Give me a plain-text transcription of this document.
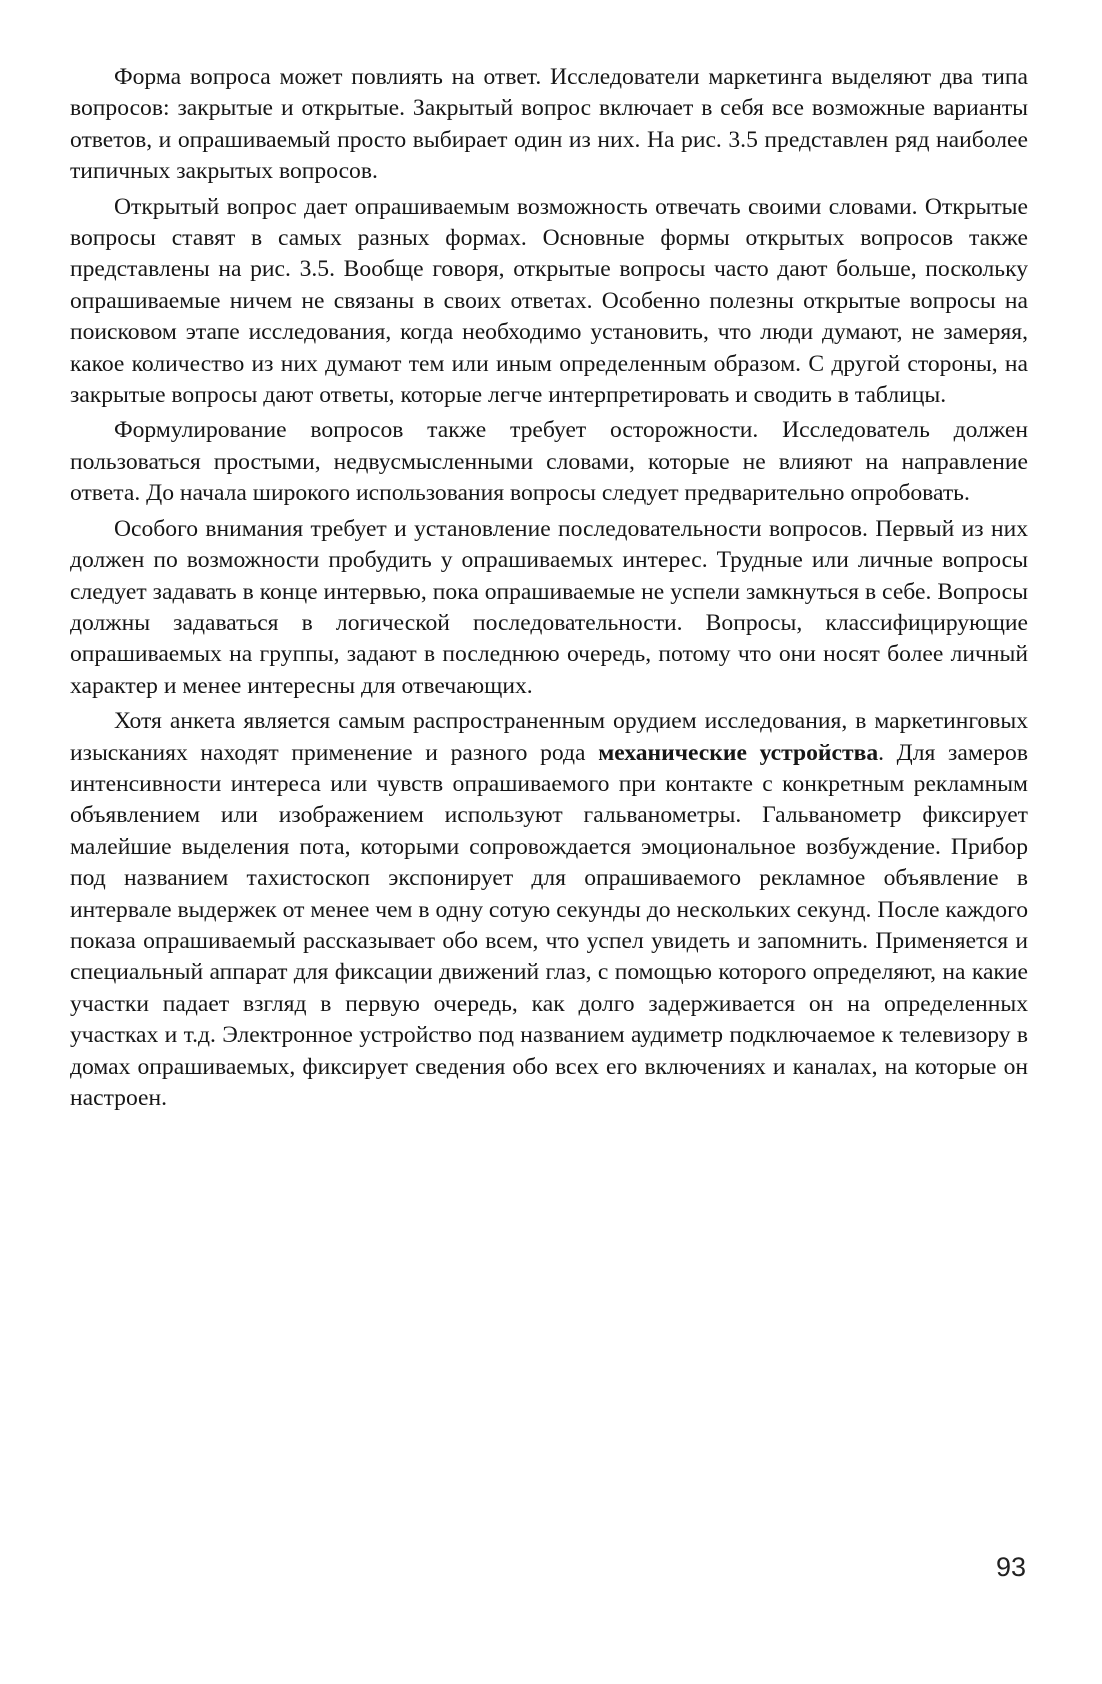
Форма вопроса может повлиять на ответ. Исследователи маркетинга выделяют два типа вопросов: закрытые и открытые. Закрытый вопрос включает в себя все возможные варианты ответов, и опрашиваемый просто выбирает один из них. На рис. 3.5 представлен ряд наиболее типичных закрытых вопросов.

Открытый вопрос дает опрашиваемым возможность отвечать своими словами. Открытые вопросы ставят в самых разных формах. Основные формы открытых вопросов также представлены на рис. 3.5. Вообще говоря, открытые вопросы часто дают больше, поскольку опрашиваемые ничем не связаны в своих ответах. Особенно полезны открытые вопросы на поисковом этапе исследования, когда необходимо установить, что люди думают, не замеряя, какое количество из них думают тем или иным определенным образом. С другой стороны, на закрытые вопросы дают ответы, которые легче интерпретировать и сводить в таблицы.

Формулирование вопросов также требует осторожности. Исследователь должен пользоваться простыми, недвусмысленными словами, которые не влияют на направление ответа. До начала широкого использования вопросы следует предварительно опробовать.

Особого внимания требует и установление последовательности вопросов. Первый из них должен по возможности пробудить у опрашиваемых интерес. Трудные или личные вопросы следует задавать в конце интервью, пока опрашиваемые не успели замкнуться в себе. Вопросы должны задаваться в логической последовательности. Вопросы, классифицирующие опрашиваемых на группы, задают в последнюю очередь, потому что они носят более личный характер и менее интересны для отвечающих.

Хотя анкета является самым распространенным орудием исследования, в маркетинговых изысканиях находят применение и разного рода механические устройства. Для замеров интенсивности интереса или чувств опрашиваемого при контакте с конкретным рекламным объявлением или изображением используют гальванометры. Гальванометр фиксирует малейшие выделения пота, которыми сопровождается эмоциональное возбуждение. Прибор под названием тахистоскоп экспонирует для опрашиваемого рекламное объявление в интервале выдержек от менее чем в одну сотую секунды до нескольких секунд. После каждого показа опрашиваемый рассказывает обо всем, что успел увидеть и запомнить. Применяется и специальный аппарат для фиксации движений глаз, с помощью которого определяют, на какие участки падает взгляд в первую очередь, как долго задерживается он на определенных участках и т.д. Электронное устройство под названием аудиметр подключаемое к телевизору в домах опрашиваемых, фиксирует сведения обо всех его включениях и каналах, на которые он настроен.

93
